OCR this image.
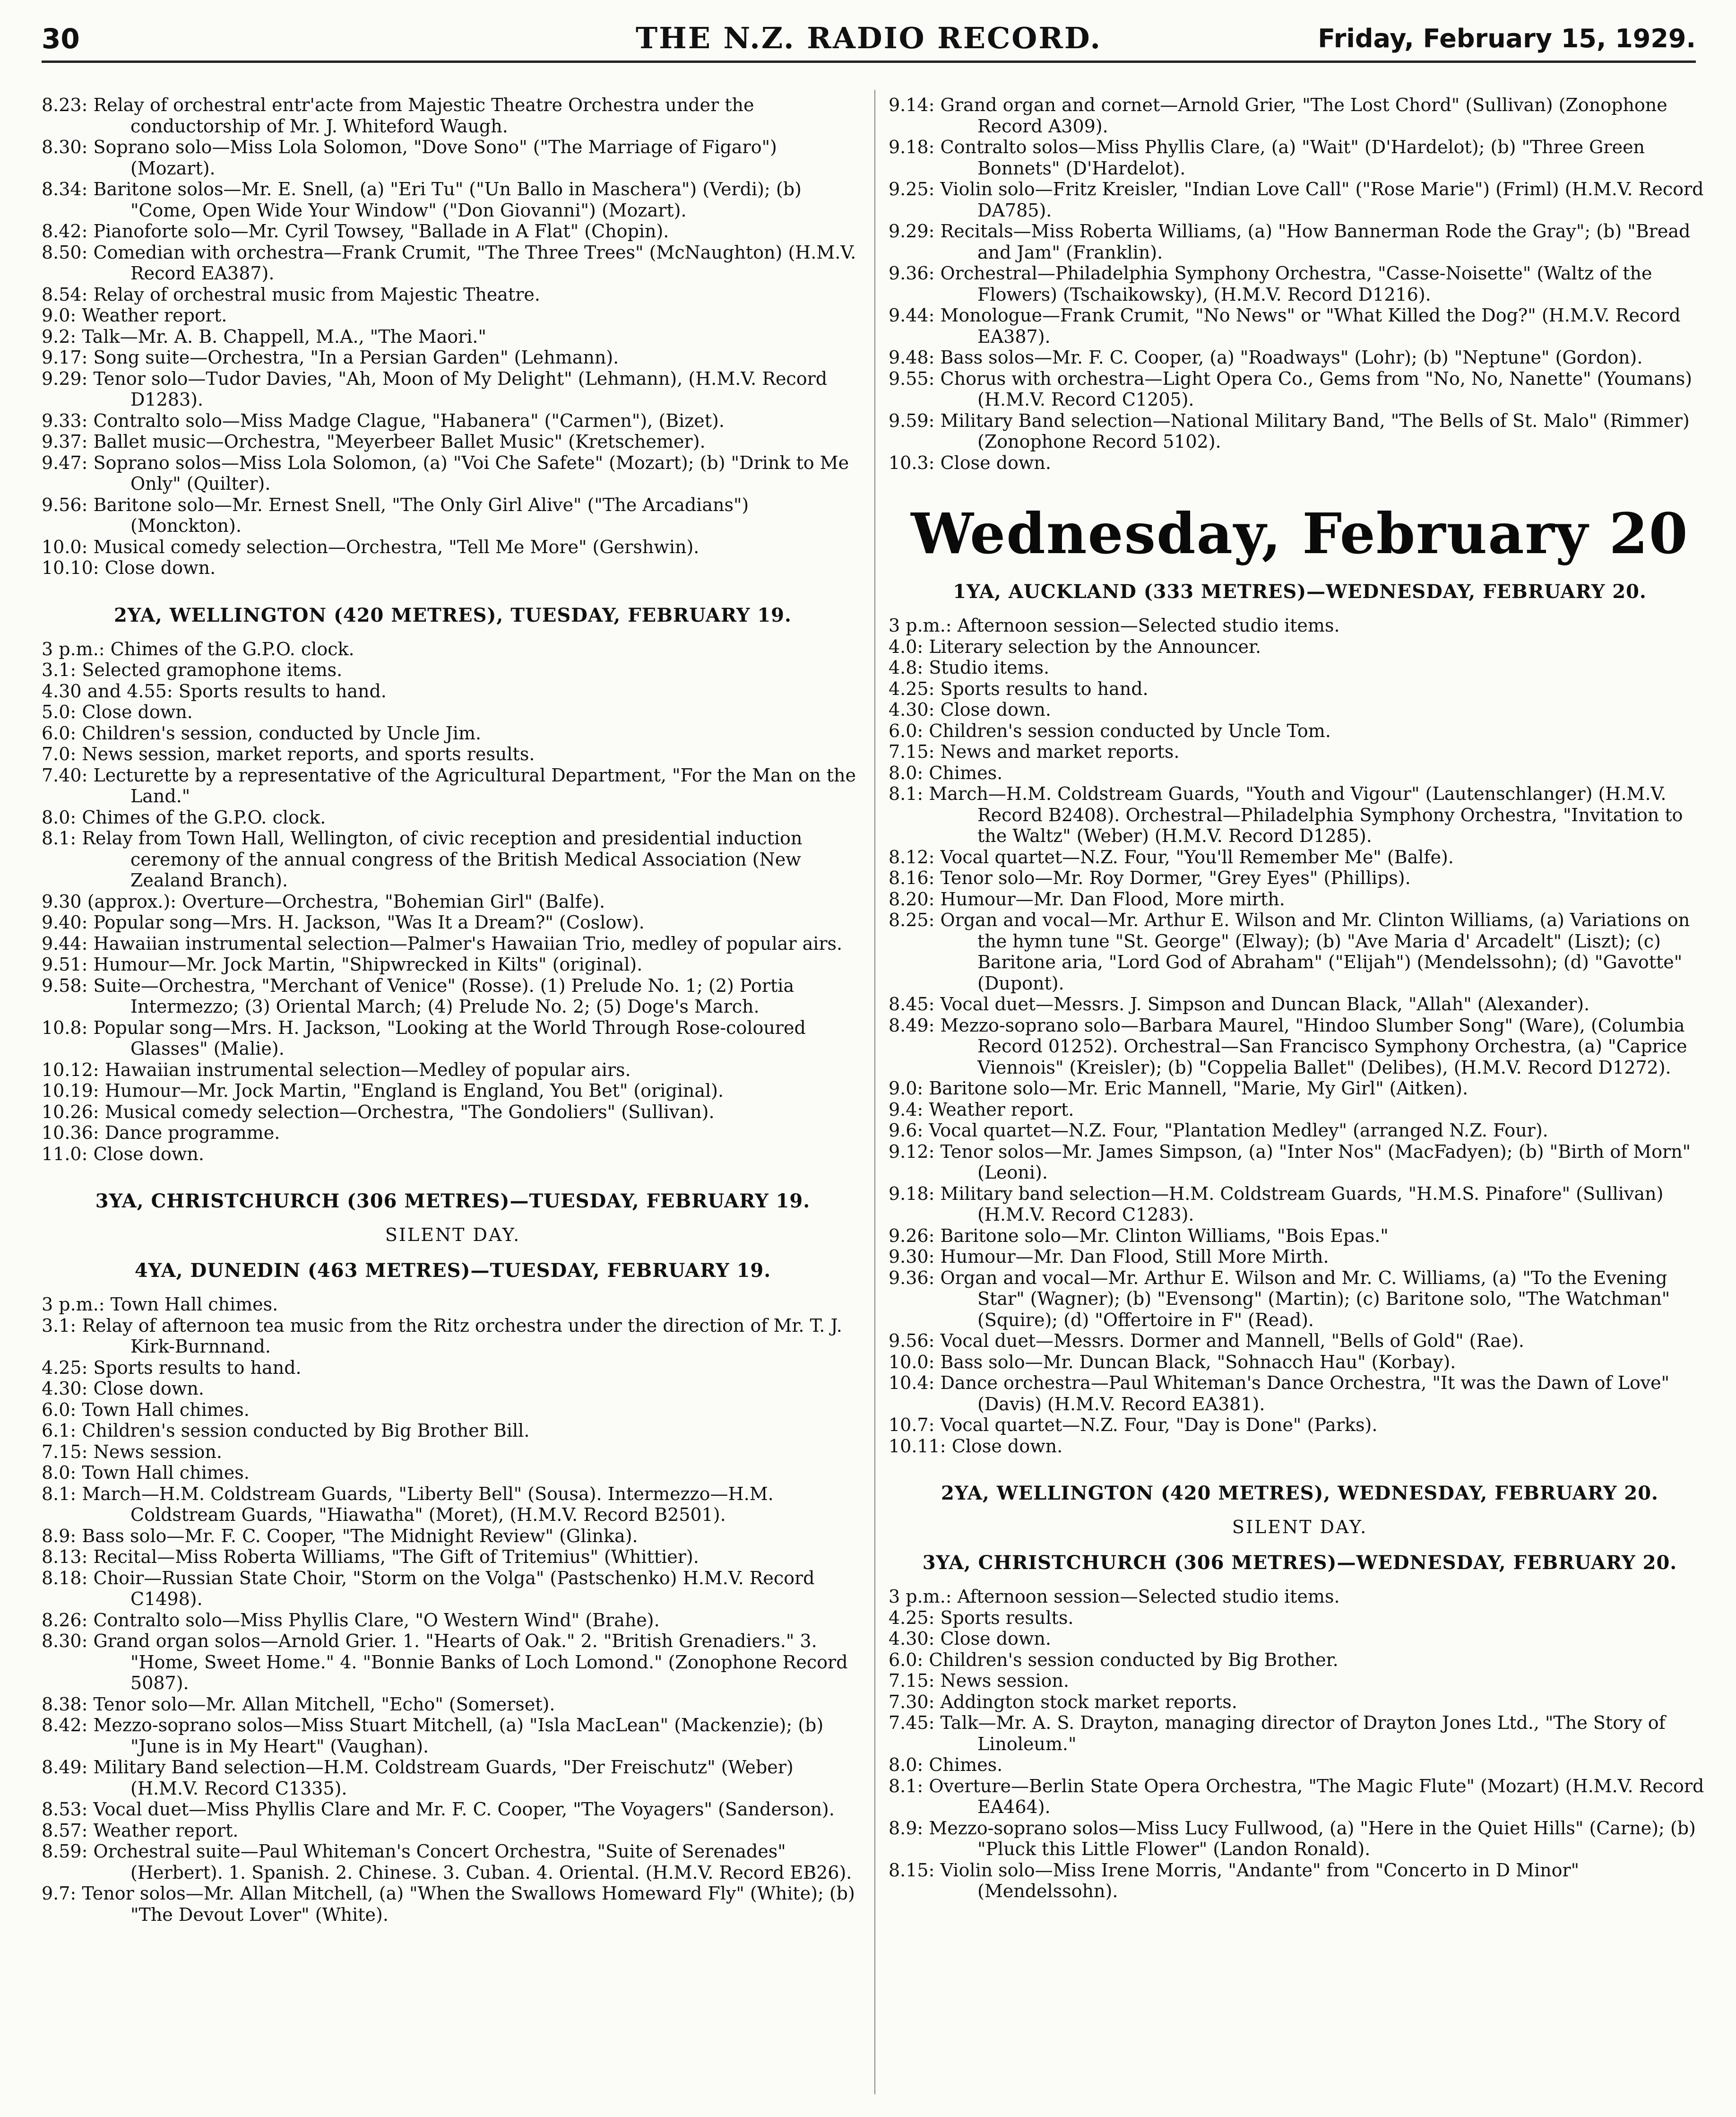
30	THE N.Z. RADIO RECORD.	Friday, February 15, 1929.
8.23: Relay of orchestral entr'acte from Majestic Theatre Orchestra under the conductorship of Mr. J. Whiteford Waugh.
8.30: Soprano solo—Miss Lola Solomon, "Dove Sono" ("The Marriage of Figaro") (Mozart).
8.34: Baritone solos—Mr. E. Snell, (a) "Eri Tu" ("Un Ballo in Maschera") (Verdi); (b) "Come, Open Wide Your Window" ("Don Giovanni") (Mozart).
8.42: Pianoforte solo—Mr. Cyril Towsey, "Ballade in A Flat" (Chopin).
8.50: Comedian with orchestra—Frank Crumit, "The Three Trees" (McNaughton) (H.M.V. Record EA387).
8.54: Relay of orchestral music from Majestic Theatre.
9.0: Weather report.
9.2: Talk—Mr. A. B. Chappell, M.A., "The Maori."
9.17: Song suite—Orchestra, "In a Persian Garden" (Lehmann).
9.29: Tenor solo—Tudor Davies, "Ah, Moon of My Delight" (Lehmann), (H.M.V. Record D1283).
9.33: Contralto solo—Miss Madge Clague, "Habanera" ("Carmen"), (Bizet).
9.37: Ballet music—Orchestra, "Meyerbeer Ballet Music" (Kretschemer).
9.47: Soprano solos—Miss Lola Solomon, (a) "Voi Che Safete" (Mozart); (b) "Drink to Me Only" (Quilter).
9.56: Baritone solo—Mr. Ernest Snell, "The Only Girl Alive" ("The Arcadians") (Monckton).
10.0: Musical comedy selection—Orchestra, "Tell Me More" (Gershwin).
10.10: Close down.
2YA, WELLINGTON (420 METRES), TUESDAY, FEBRUARY 19.
3 p.m.: Chimes of the G.P.O. clock.
3.1: Selected gramophone items.
4.30 and 4.55: Sports results to hand.
5.0: Close down.
6.0: Children's session, conducted by Uncle Jim.
7.0: News session, market reports, and sports results.
7.40: Lecturette by a representative of the Agricultural Department, "For the Man on the Land."
8.0: Chimes of the G.P.O. clock.
8.1: Relay from Town Hall, Wellington, of civic reception and presidential induction ceremony of the annual congress of the British Medical Association (New Zealand Branch).
9.30 (approx.): Overture—Orchestra, "Bohemian Girl" (Balfe).
9.40: Popular song—Mrs. H. Jackson, "Was It a Dream?" (Coslow).
9.44: Hawaiian instrumental selection—Palmer's Hawaiian Trio, medley of popular airs.
9.51: Humour—Mr. Jock Martin, "Shipwrecked in Kilts" (original).
9.58: Suite—Orchestra, "Merchant of Venice" (Rosse). (1) Prelude No. 1; (2) Portia Intermezzo; (3) Oriental March; (4) Prelude No. 2; (5) Doge's March.
10.8: Popular song—Mrs. H. Jackson, "Looking at the World Through Rose-coloured Glasses" (Malie).
10.12: Hawaiian instrumental selection—Medley of popular airs.
10.19: Humour—Mr. Jock Martin, "England is England, You Bet" (original).
10.26: Musical comedy selection—Orchestra, "The Gondoliers" (Sullivan).
10.36: Dance programme.
11.0: Close down.
3YA, CHRISTCHURCH (306 METRES)—TUESDAY, FEBRUARY 19.
SILENT DAY.
4YA, DUNEDIN (463 METRES)—TUESDAY, FEBRUARY 19.
3 p.m.: Town Hall chimes.
3.1: Relay of afternoon tea music from the Ritz orchestra under the direction of Mr. T. J. Kirk-Burnnand.
4.25: Sports results to hand.
4.30: Close down.
6.0: Town Hall chimes.
6.1: Children's session conducted by Big Brother Bill.
7.15: News session.
8.0: Town Hall chimes.
8.1: March—H.M. Coldstream Guards, "Liberty Bell" (Sousa). Intermezzo—H.M. Coldstream Guards, "Hiawatha" (Moret), (H.M.V. Record B2501).
8.9: Bass solo—Mr. F. C. Cooper, "The Midnight Review" (Glinka).
8.13: Recital—Miss Roberta Williams, "The Gift of Tritemius" (Whittier).
8.18: Choir—Russian State Choir, "Storm on the Volga" (Pastschenko) H.M.V. Record C1498).
8.26: Contralto solo—Miss Phyllis Clare, "O Western Wind" (Brahe).
8.30: Grand organ solos—Arnold Grier. 1. "Hearts of Oak." 2. "British Grenadiers." 3. "Home, Sweet Home." 4. "Bonnie Banks of Loch Lomond." (Zonophone Record 5087).
8.38: Tenor solo—Mr. Allan Mitchell, "Echo" (Somerset).
8.42: Mezzo-soprano solos—Miss Stuart Mitchell, (a) "Isla MacLean" (Mackenzie); (b) "June is in My Heart" (Vaughan).
8.49: Military Band selection—H.M. Coldstream Guards, "Der Freischutz" (Weber) (H.M.V. Record C1335).
8.53: Vocal duet—Miss Phyllis Clare and Mr. F. C. Cooper, "The Voyagers" (Sanderson).
8.57: Weather report.
8.59: Orchestral suite—Paul Whiteman's Concert Orchestra, "Suite of Serenades" (Herbert). 1. Spanish. 2. Chinese. 3. Cuban. 4. Oriental. (H.M.V. Record EB26).
9.7: Tenor solos—Mr. Allan Mitchell, (a) "When the Swallows Homeward Fly" (White); (b) "The Devout Lover" (White).
9.14: Grand organ and cornet—Arnold Grier, "The Lost Chord" (Sullivan) (Zonophone Record A309).
9.18: Contralto solos—Miss Phyllis Clare, (a) "Wait" (D'Hardelot); (b) "Three Green Bonnets" (D'Hardelot).
9.25: Violin solo—Fritz Kreisler, "Indian Love Call" ("Rose Marie") (Friml) (H.M.V. Record DA785).
9.29: Recitals—Miss Roberta Williams, (a) "How Bannerman Rode the Gray"; (b) "Bread and Jam" (Franklin).
9.36: Orchestral—Philadelphia Symphony Orchestra, "Casse-Noisette" (Waltz of the Flowers) (Tschaikowsky), (H.M.V. Record D1216).
9.44: Monologue—Frank Crumit, "No News" or "What Killed the Dog?" (H.M.V. Record EA387).
9.48: Bass solos—Mr. F. C. Cooper, (a) "Roadways" (Lohr); (b) "Neptune" (Gordon).
9.55: Chorus with orchestra—Light Opera Co., Gems from "No, No, Nanette" (Youmans) (H.M.V. Record C1205).
9.59: Military Band selection—National Military Band, "The Bells of St. Malo" (Rimmer) (Zonophone Record 5102).
10.3: Close down.
Wednesday, February 20
1YA, AUCKLAND (333 METRES)—WEDNESDAY, FEBRUARY 20.
3 p.m.: Afternoon session—Selected studio items.
4.0: Literary selection by the Announcer.
4.8: Studio items.
4.25: Sports results to hand.
4.30: Close down.
6.0: Children's session conducted by Uncle Tom.
7.15: News and market reports.
8.0: Chimes.
8.1: March—H.M. Coldstream Guards, "Youth and Vigour" (Lautenschlanger) (H.M.V. Record B2408). Orchestral—Philadelphia Symphony Orchestra, "Invitation to the Waltz" (Weber) (H.M.V. Record D1285).
8.12: Vocal quartet—N.Z. Four, "You'll Remember Me" (Balfe).
8.16: Tenor solo—Mr. Roy Dormer, "Grey Eyes" (Phillips).
8.20: Humour—Mr. Dan Flood, More mirth.
8.25: Organ and vocal—Mr. Arthur E. Wilson and Mr. Clinton Williams, (a) Variations on the hymn tune "St. George" (Elway); (b) "Ave Maria d' Arcadelt" (Liszt); (c) Baritone aria, "Lord God of Abraham" ("Elijah") (Mendelssohn); (d) "Gavotte" (Dupont).
8.45: Vocal duet—Messrs. J. Simpson and Duncan Black, "Allah" (Alexander).
8.49: Mezzo-soprano solo—Barbara Maurel, "Hindoo Slumber Song" (Ware), (Columbia Record 01252). Orchestral—San Francisco Symphony Orchestra, (a) "Caprice Viennois" (Kreisler); (b) "Coppelia Ballet" (Delibes), (H.M.V. Record D1272).
9.0: Baritone solo—Mr. Eric Mannell, "Marie, My Girl" (Aitken).
9.4: Weather report.
9.6: Vocal quartet—N.Z. Four, "Plantation Medley" (arranged N.Z. Four).
9.12: Tenor solos—Mr. James Simpson, (a) "Inter Nos" (MacFadyen); (b) "Birth of Morn" (Leoni).
9.18: Military band selection—H.M. Coldstream Guards, "H.M.S. Pinafore" (Sullivan) (H.M.V. Record C1283).
9.26: Baritone solo—Mr. Clinton Williams, "Bois Epas."
9.30: Humour—Mr. Dan Flood, Still More Mirth.
9.36: Organ and vocal—Mr. Arthur E. Wilson and Mr. C. Williams, (a) "To the Evening Star" (Wagner); (b) "Evensong" (Martin); (c) Baritone solo, "The Watchman" (Squire); (d) "Offertoire in F" (Read).
9.56: Vocal duet—Messrs. Dormer and Mannell, "Bells of Gold" (Rae).
10.0: Bass solo—Mr. Duncan Black, "Sohnacch Hau" (Korbay).
10.4: Dance orchestra—Paul Whiteman's Dance Orchestra, "It was the Dawn of Love" (Davis) (H.M.V. Record EA381).
10.7: Vocal quartet—N.Z. Four, "Day is Done" (Parks).
10.11: Close down.
2YA, WELLINGTON (420 METRES), WEDNESDAY, FEBRUARY 20.
SILENT DAY.
3YA, CHRISTCHURCH (306 METRES)—WEDNESDAY, FEBRUARY 20.
3 p.m.: Afternoon session—Selected studio items.
4.25: Sports results.
4.30: Close down.
6.0: Children's session conducted by Big Brother.
7.15: News session.
7.30: Addington stock market reports.
7.45: Talk—Mr. A. S. Drayton, managing director of Drayton Jones Ltd., "The Story of Linoleum."
8.0: Chimes.
8.1: Overture—Berlin State Opera Orchestra, "The Magic Flute" (Mozart) (H.M.V. Record EA464).
8.9: Mezzo-soprano solos—Miss Lucy Fullwood, (a) "Here in the Quiet Hills" (Carne); (b) "Pluck this Little Flower" (Landon Ronald).
8.15: Violin solo—Miss Irene Morris, "Andante" from "Concerto in D Minor" (Mendelssohn).
